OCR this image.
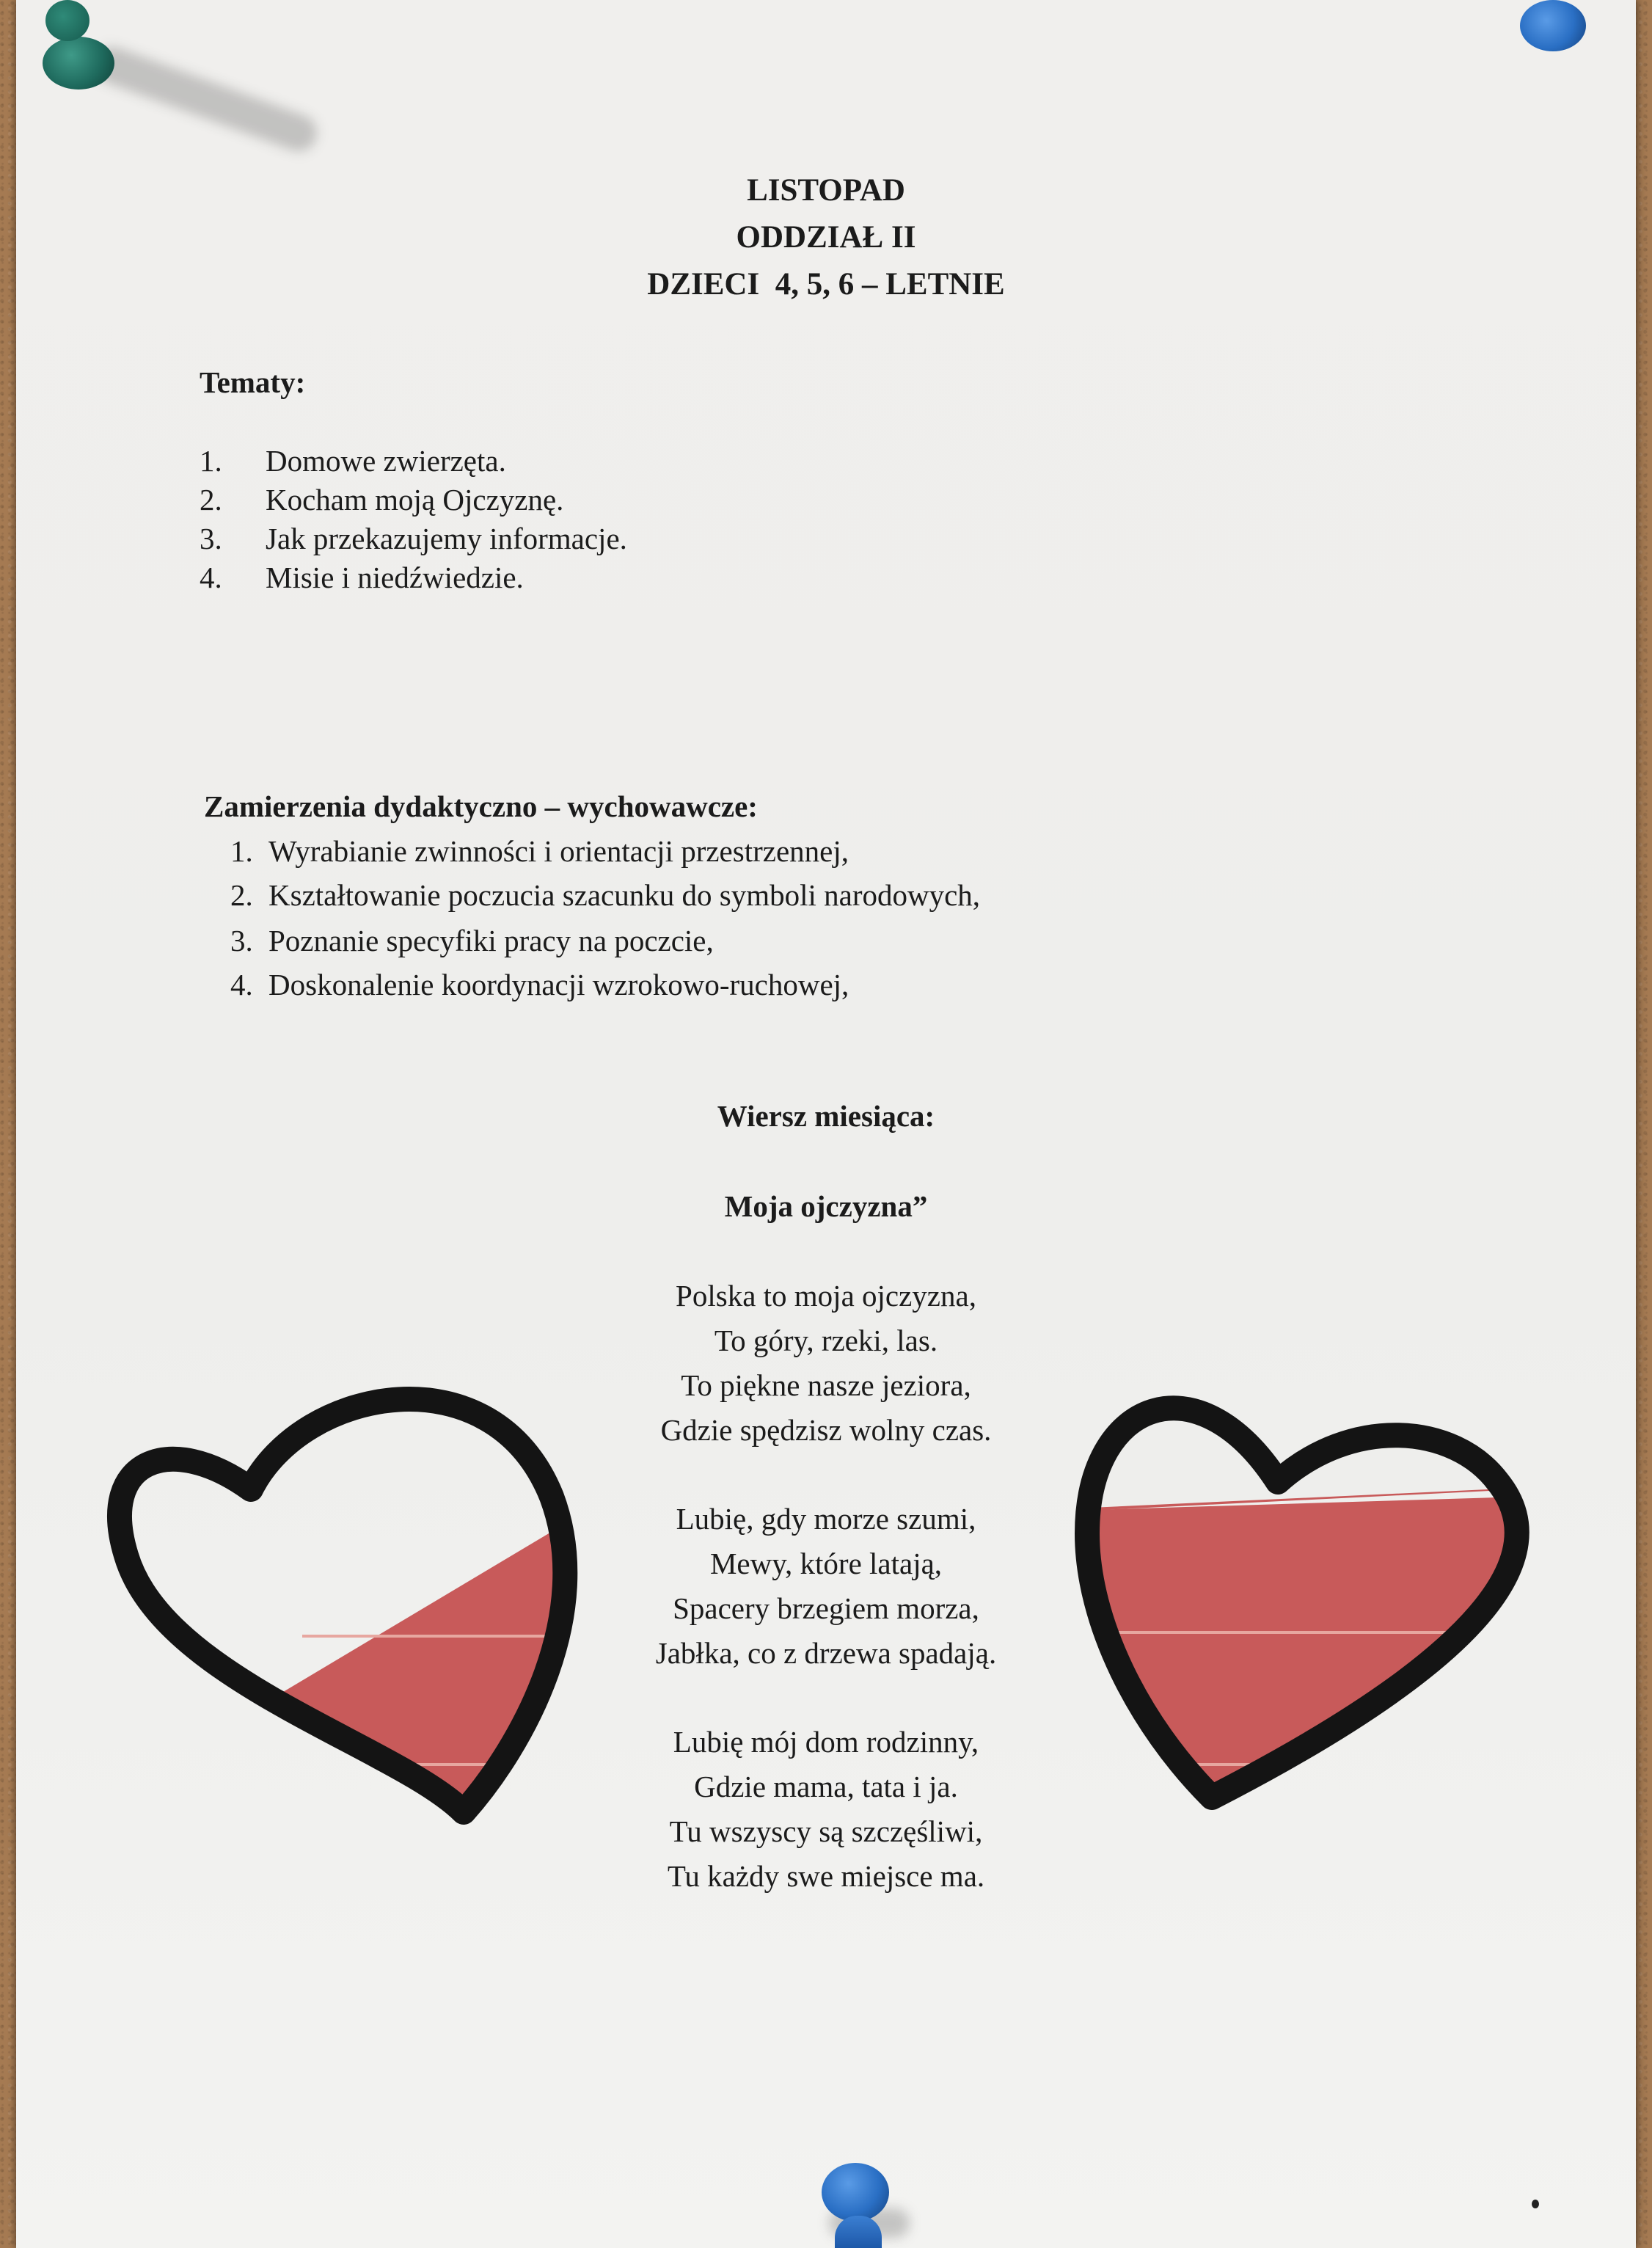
LISTOPAD
ODDZIAŁ II
DZIECI  4, 5, 6 – LETNIE
Tematy:
1. Domowe zwierzęta.
2. Kocham moją Ojczyznę.
3. Jak przekazujemy informacje.
4. Misie i niedźwiedzie.
Zamierzenia dydaktyczno – wychowawcze:
1. Wyrabianie zwinności i orientacji przestrzennej,
2. Kształtowanie poczucia szacunku do symboli narodowych,
3. Poznanie specyfiki pracy na poczcie,
4. Doskonalenie koordynacji wzrokowo-ruchowej,
Wiersz miesiąca:
Moja ojczyzna”
Polska to moja ojczyzna,
To góry, rzeki, las.
To piękne nasze jeziora,
Gdzie spędzisz wolny czas.
Lubię, gdy morze szumi,
Mewy, które latają,
Spacery brzegiem morza,
Jabłka, co z drzewa spadają.
Lubię mój dom rodzinny,
Gdzie mama, tata i ja.
Tu wszyscy są szczęśliwi,
Tu każdy swe miejsce ma.
